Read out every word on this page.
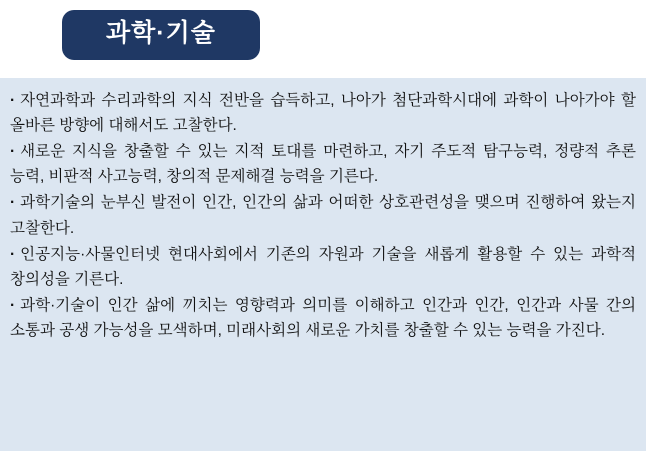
과학·기술
· 자연과학과 수리과학의 지식 전반을 습득하고, 나아가 첨단과학시대에 과학이 나아가야 할 올바른 방향에 대해서도 고찰한다.
· 새로운 지식을 창출할 수 있는 지적 토대를 마련하고, 자기 주도적 탐구능력, 정량적 추론 능력, 비판적 사고능력, 창의적 문제해결 능력을 기른다.
· 과학기술의 눈부신 발전이 인간, 인간의 삶과 어떠한 상호관련성을 맺으며 진행하여 왔는지 고찰한다.
· 인공지능·사물인터넷 현대사회에서 기존의 자원과 기술을 새롭게 활용할 수 있는 과학적 창의성을 기른다.
· 과학·기술이 인간 삶에 끼치는 영향력과 의미를 이해하고 인간과 인간, 인간과 사물 간의 소통과 공생 가능성을 모색하며, 미래사회의 새로운 가치를 창출할 수 있는 능력을 가진다.
